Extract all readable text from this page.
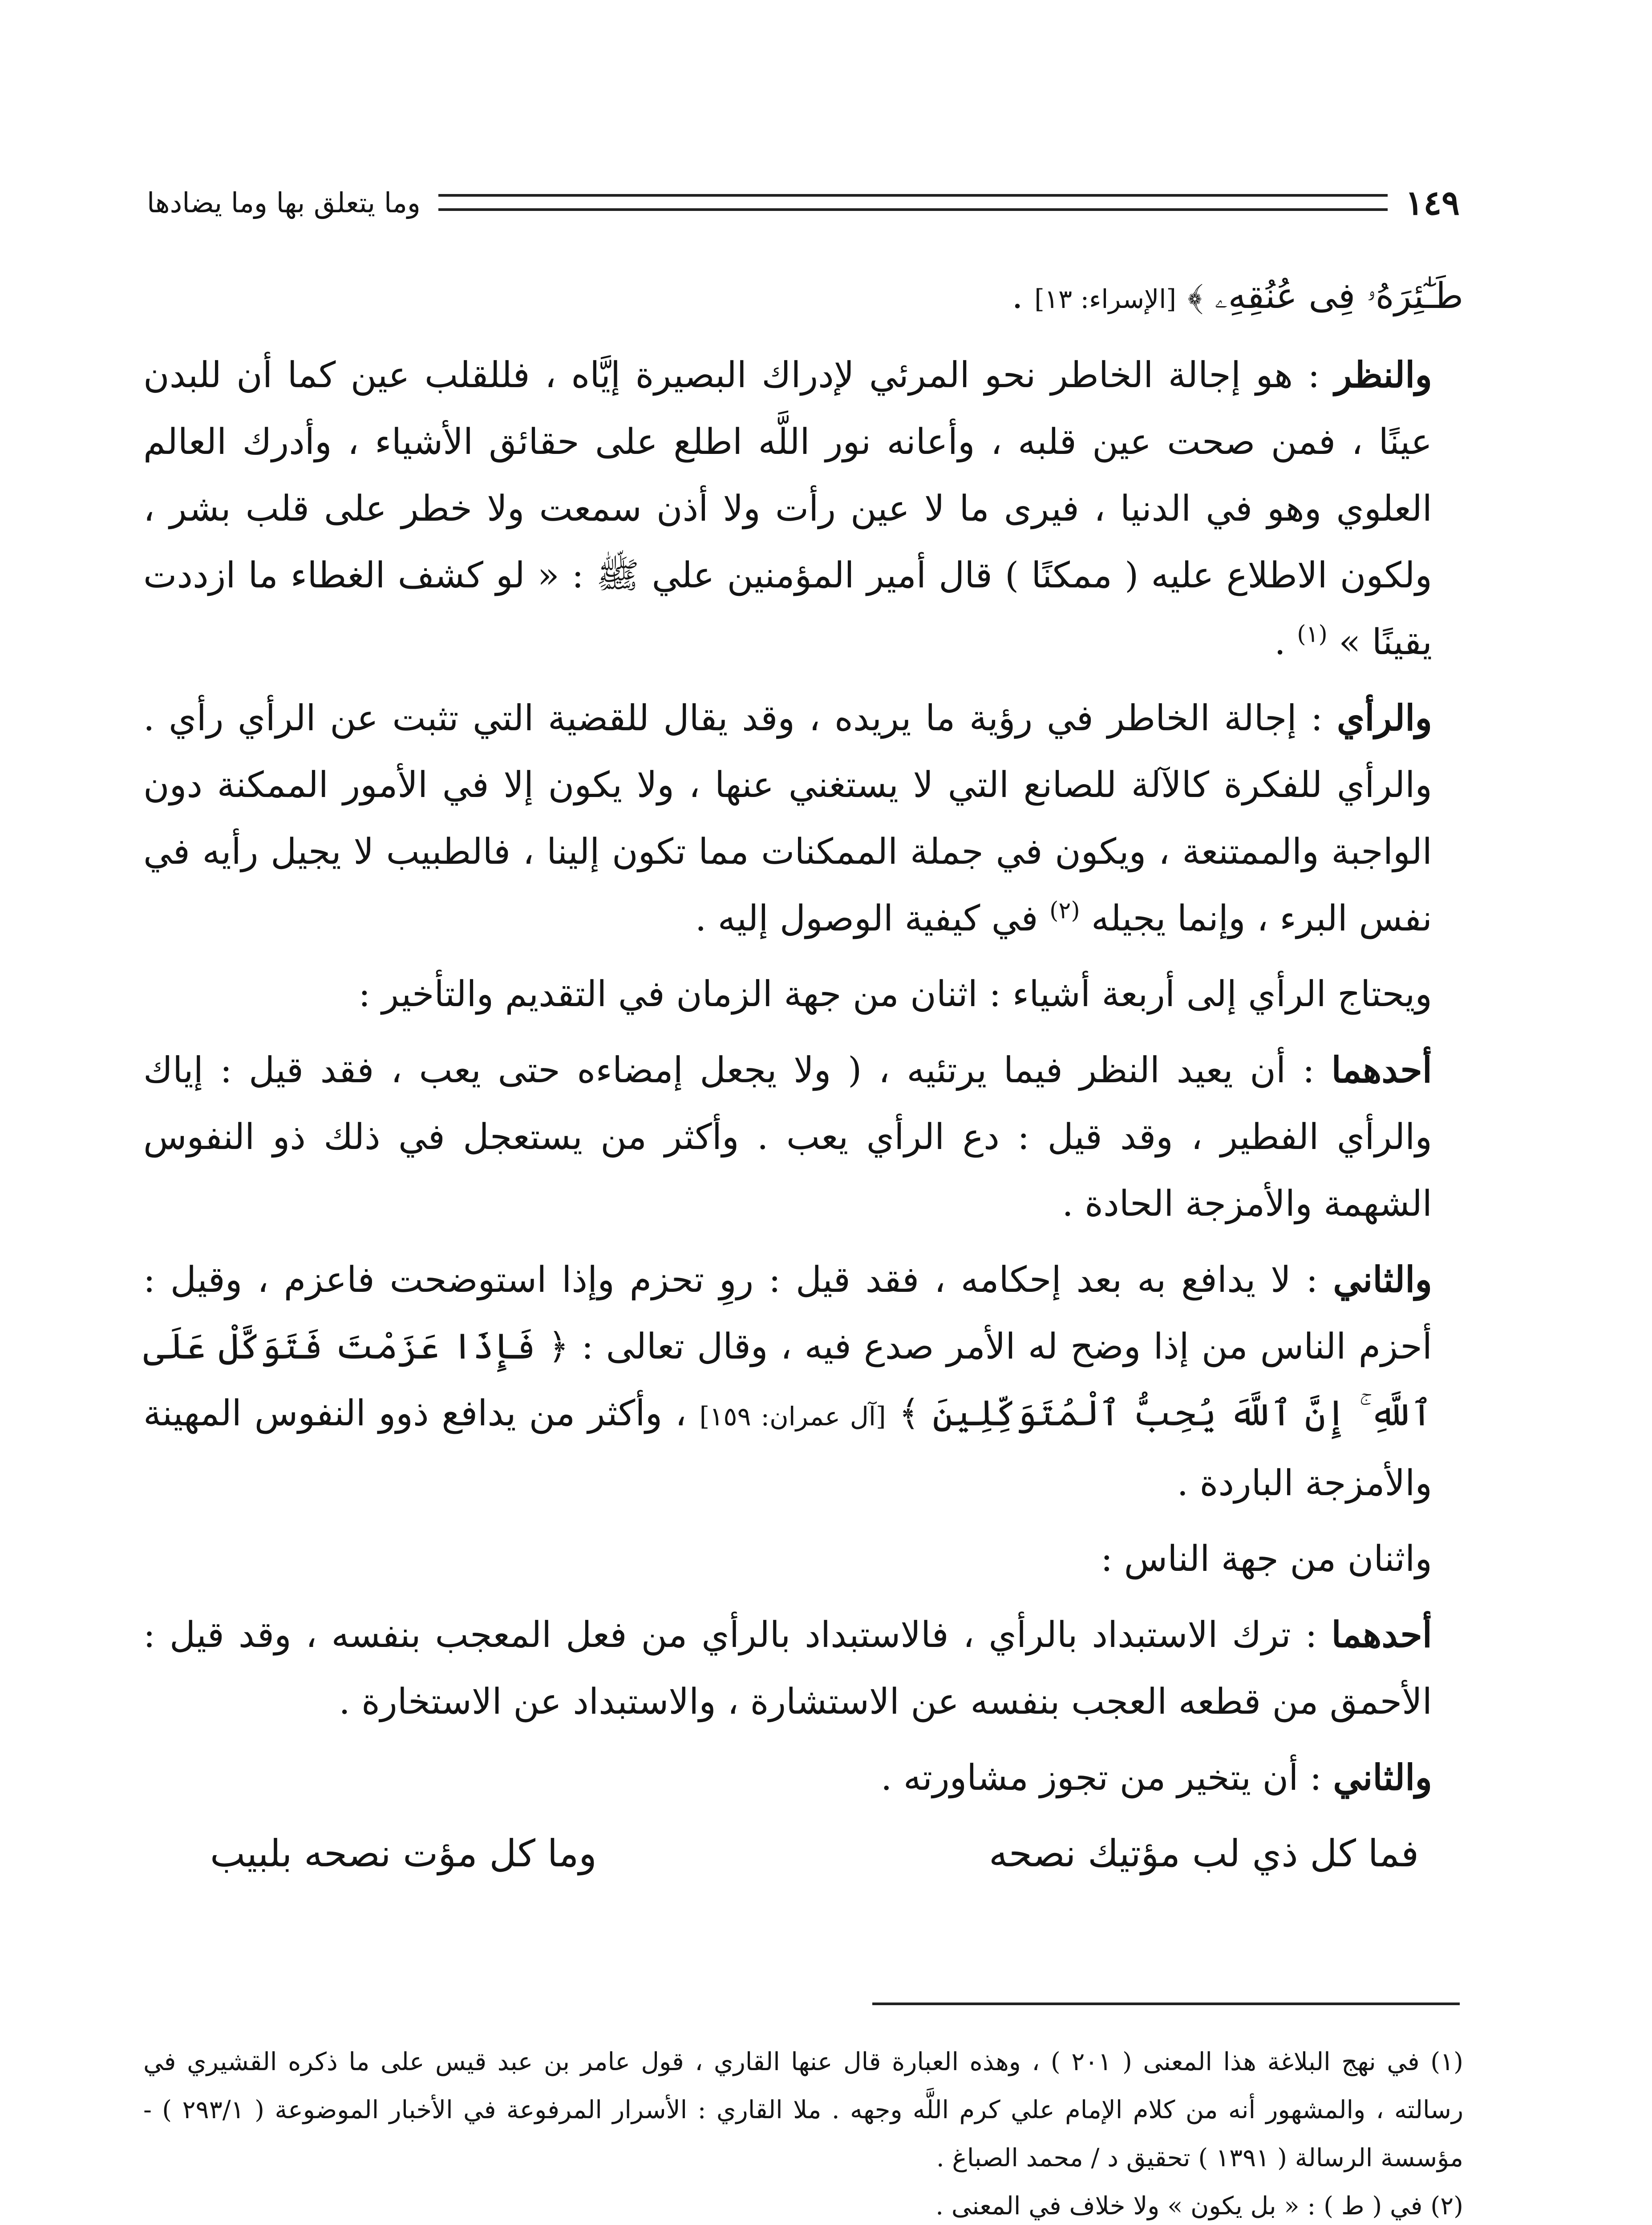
وما يتعلق بها وما يضادها	١٤٩

طَـٰٓئِرَهُۥ فِى عُنُقِهِۦ ﴾ [الإسراء: ١٣] .

والنظر : هو إجالة الخاطر نحو المرئي لإدراك البصيرة إيَّاه ، فللقلب عين كما أن للبدن عينًا ، فمن صحت عين قلبه ، وأعانه نور اللَّه اطلع على حقائق الأشياء ، وأدرك العالم العلوي وهو في الدنيا ، فيرى ما لا عين رأت ولا أذن سمعت ولا خطر على قلب بشر ، ولكون الاطلاع عليه ( ممكنًا ) قال أمير المؤمنين علي ﷺ : « لو كشف الغطاء ما ازددت يقينًا » $^{(١)}$ .

والرأي : إجالة الخاطر في رؤية ما يريده ، وقد يقال للقضية التي تثبت عن الرأي رأي . والرأي للفكرة كالآلة للصانع التي لا يستغني عنها ، ولا يكون إلا في الأمور الممكنة دون الواجبة والممتنعة ، ويكون في جملة الممكنات مما تكون إلينا ، فالطبيب لا يجيل رأيه في نفس البرء ، وإنما يجيله $^{(٢)}$ في كيفية الوصول إليه .

ويحتاج الرأي إلى أربعة أشياء : اثنان من جهة الزمان في التقديم والتأخير :

أحدهما : أن يعيد النظر فيما يرتئيه ، ( ولا يجعل إمضاءه حتى يعب ، فقد قيل : إياك والرأي الفطير ، وقد قيل : دع الرأي يعب . وأكثر من يستعجل في ذلك ذو النفوس الشهمة والأمزجة الحادة .

والثاني : لا يدافع به بعد إحكامه ، فقد قيل : روِ تحزم وإذا استوضحت فاعزم ، وقيل : أحزم الناس من إذا وضح له الأمر صدع فيه ، وقال تعالى : ﴿ فَإِذَا عَزَمْتَ فَتَوَكَّلْ عَلَى ٱللَّهِ ۚ إِنَّ ٱللَّهَ يُحِبُّ ٱلْمُتَوَكِّلِينَ ﴾ [آل عمران: ١٥٩] ، وأكثر من يدافع ذوو النفوس المهينة والأمزجة الباردة .

واثنان من جهة الناس :

أحدهما : ترك الاستبداد بالرأي ، فالاستبداد بالرأي من فعل المعجب بنفسه ، وقد قيل : الأحمق من قطعه العجب بنفسه عن الاستشارة ، والاستبداد عن الاستخارة .

والثاني : أن يتخير من تجوز مشاورته .

فما كل ذي لب مؤتيك نصحه
وما كل مؤت نصحه بلبيب

(١) في نهج البلاغة هذا المعنى ( ٢٠١ ) ، وهذه العبارة قال عنها القاري ، قول عامر بن عبد قيس على ما ذكره القشيري في رسالته ، والمشهور أنه من كلام الإمام علي كرم اللَّه وجهه . ملا القاري : الأسرار المرفوعة في الأخبار الموضوعة ( ٢٩٣/١ ) - مؤسسة الرسالة ( ١٣٩١ ) تحقيق د / محمد الصباغ .

(٢) في ( ط ) : « بل يكون » ولا خلاف في المعنى .
